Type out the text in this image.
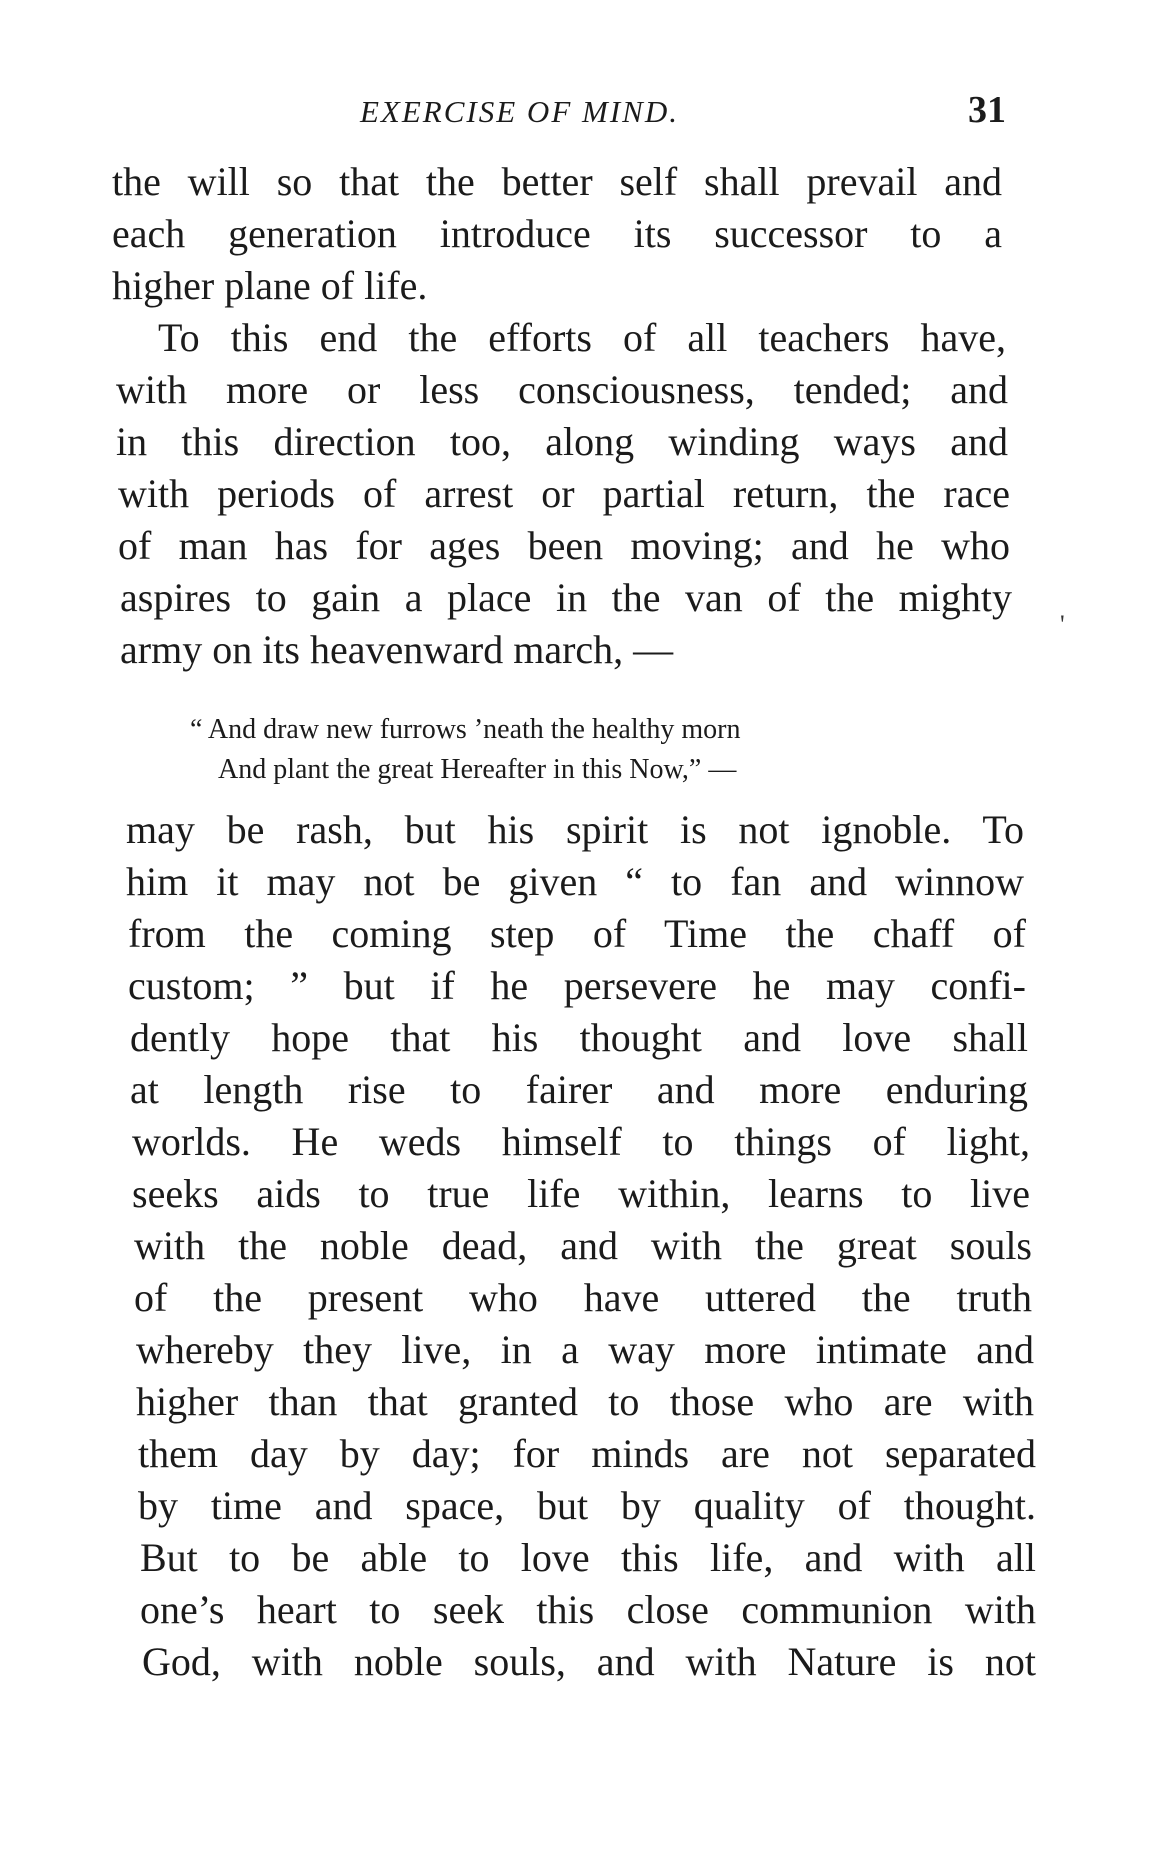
EXERCISE OF MIND.	31
the will so that the better self shall prevail and
each generation introduce its successor to a
higher plane of life.
To this end the efforts of all teachers have,
with more or less consciousness, tended; and
in this direction too, along winding ways and
with periods of arrest or partial return, the race
of man has for ages been moving; and he who
aspires to gain a place in the van of the mighty
army on its heavenward march, —
“ And draw new furrows ’neath the healthy morn
And plant the great Hereafter in this Now,” —
may be rash, but his spirit is not ignoble. To
him it may not be given “ to fan and winnow
from the coming step of Time the chaff of
custom; ” but if he persevere he may confi-
dently hope that his thought and love shall
at length rise to fairer and more enduring
worlds. He weds himself to things of light,
seeks aids to true life within, learns to live
with the noble dead, and with the great souls
of the present who have uttered the truth
whereby they live, in a way more intimate and
higher than that granted to those who are with
them day by day; for minds are not separated
by time and space, but by quality of thought.
But to be able to love this life, and with all
one’s heart to seek this close communion with
God, with noble souls, and with Nature is not
'
